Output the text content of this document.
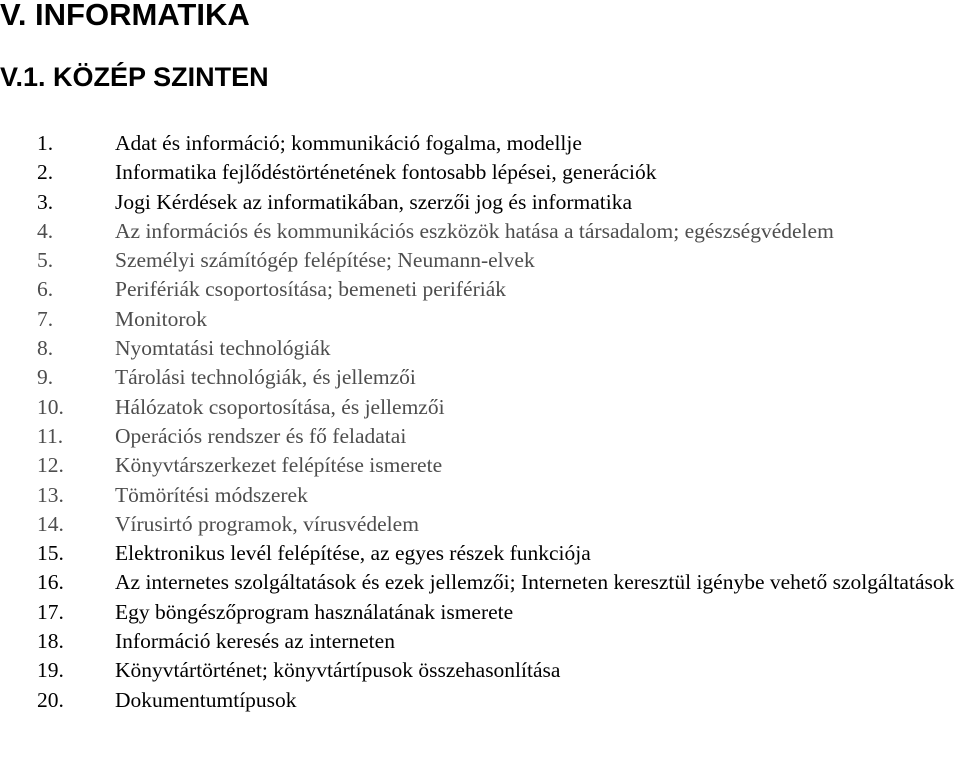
V. INFORMATIKA
V.1. KÖZÉP SZINTEN
1.	Adat és információ; kommunikáció fogalma, modellje
2.	Informatika fejlődéstörténetének fontosabb lépései, generációk
3.	Jogi Kérdések az informatikában, szerzői jog és informatika
4.	Az információs és kommunikációs eszközök hatása a társadalom; egészségvédelem
5.	Személyi számítógép felépítése; Neumann-elvek
6.	Perifériák csoportosítása; bemeneti perifériák
7.	Monitorok
8.	Nyomtatási technológiák
9.	Tárolási technológiák, és jellemzői
10.	Hálózatok csoportosítása, és jellemzői
11.	Operációs rendszer és fő feladatai
12.	Könyvtárszerkezet felépítése ismerete
13.	Tömörítési módszerek
14.	Vírusirtó programok, vírusvédelem
15.	Elektronikus levél felépítése, az egyes részek funkciója
16.	Az internetes szolgáltatások és ezek jellemzői; Interneten keresztül igénybe vehető szolgáltatások
17.	Egy böngészőprogram használatának ismerete
18.	Információ keresés az interneten
19.	Könyvtártörténet; könyvtártípusok összehasonlítása
20.	Dokumentumtípusok
